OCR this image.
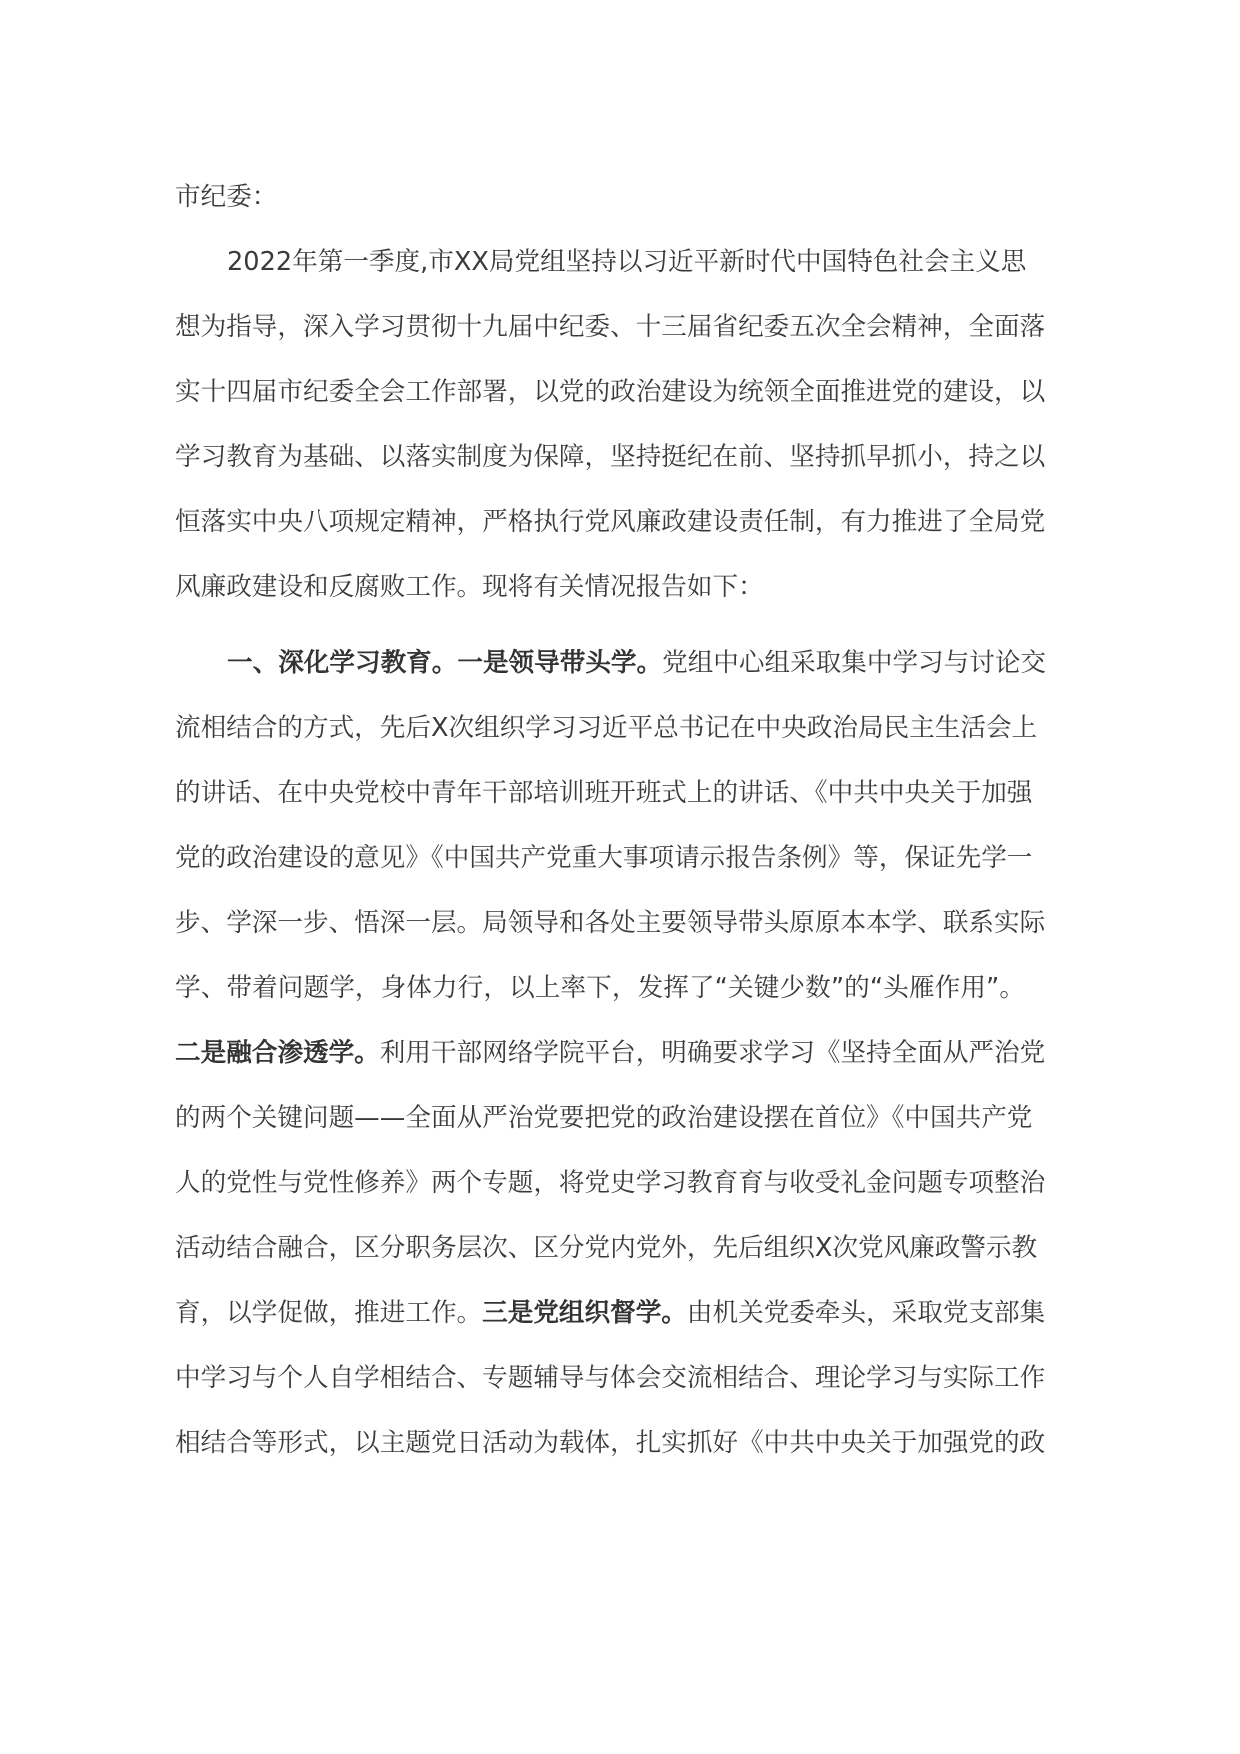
市纪委：
2022年第一季度,市XX局党组坚持以习近平新时代中国特色社会主义思
想为指导，深入学习贯彻十九届中纪委、十三届省纪委五次全会精神，全面落
实十四届市纪委全会工作部署，以党的政治建设为统领全面推进党的建设，以
学习教育为基础、以落实制度为保障，坚持挺纪在前、坚持抓早抓小，持之以
恒落实中央八项规定精神，严格执行党风廉政建设责任制，有力推进了全局党
风廉政建设和反腐败工作。现将有关情况报告如下：
一、深化学习教育。一是领导带头学。党组中心组采取集中学习与讨论交
流相结合的方式，先后X次组织学习习近平总书记在中央政治局民主生活会上
的讲话、在中央党校中青年干部培训班开班式上的讲话、《中共中央关于加强
党的政治建设的意见》《中国共产党重大事项请示报告条例》等，保证先学一
步、学深一步、悟深一层。局领导和各处主要领导带头原原本本学、联系实际
学、带着问题学，身体力行，以上率下，发挥了“关键少数”的“头雁作用”。
二是融合渗透学。利用干部网络学院平台，明确要求学习《坚持全面从严治党
的两个关键问题——全面从严治党要把党的政治建设摆在首位》《中国共产党
人的党性与党性修养》两个专题，将党史学习教育育与收受礼金问题专项整治
活动结合融合，区分职务层次、区分党内党外，先后组织X次党风廉政警示教
育，以学促做，推进工作。三是党组织督学。由机关党委牵头，采取党支部集
中学习与个人自学相结合、专题辅导与体会交流相结合、理论学习与实际工作
相结合等形式，以主题党日活动为载体，扎实抓好《中共中央关于加强党的政
